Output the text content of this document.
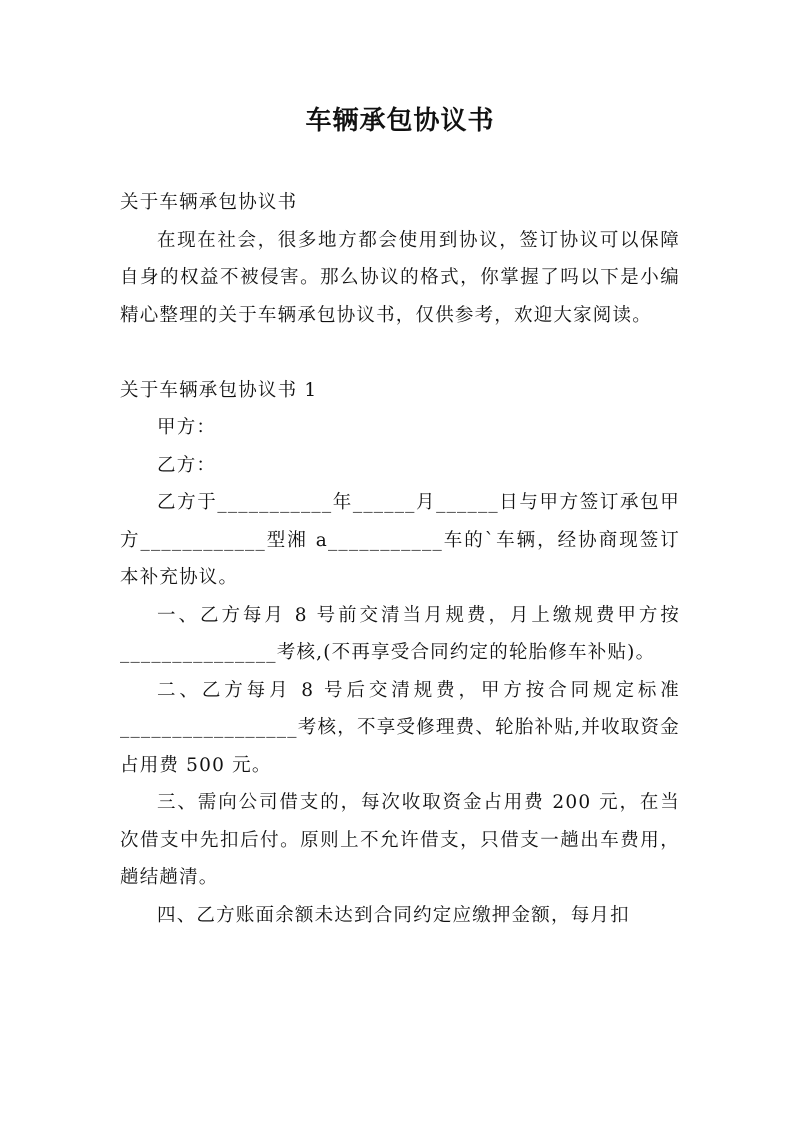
车辆承包协议书

关于车辆承包协议书

在现在社会，很多地方都会使用到协议，签订协议可以保障自身的权益不被侵害。那么协议的格式，你掌握了吗以下是小编精心整理的关于车辆承包协议书，仅供参考，欢迎大家阅读。

关于车辆承包协议书 1

甲方：

乙方：

乙方于___________年______月______日与甲方签订承包甲方____________型湘 a___________车的`车辆，经协商现签订本补充协议。

一、乙方每月 8 号前交清当月规费，月上缴规费甲方按_______________考核,(不再享受合同约定的轮胎修车补贴)。

二、乙方每月 8 号后交清规费，甲方按合同规定标准_________________考核，不享受修理费、轮胎补贴,并收取资金占用费 500 元。

三、需向公司借支的，每次收取资金占用费 200 元，在当次借支中先扣后付。原则上不允许借支，只借支一趟出车费用，趟结趟清。

四、乙方账面余额未达到合同约定应缴押金额，每月扣
